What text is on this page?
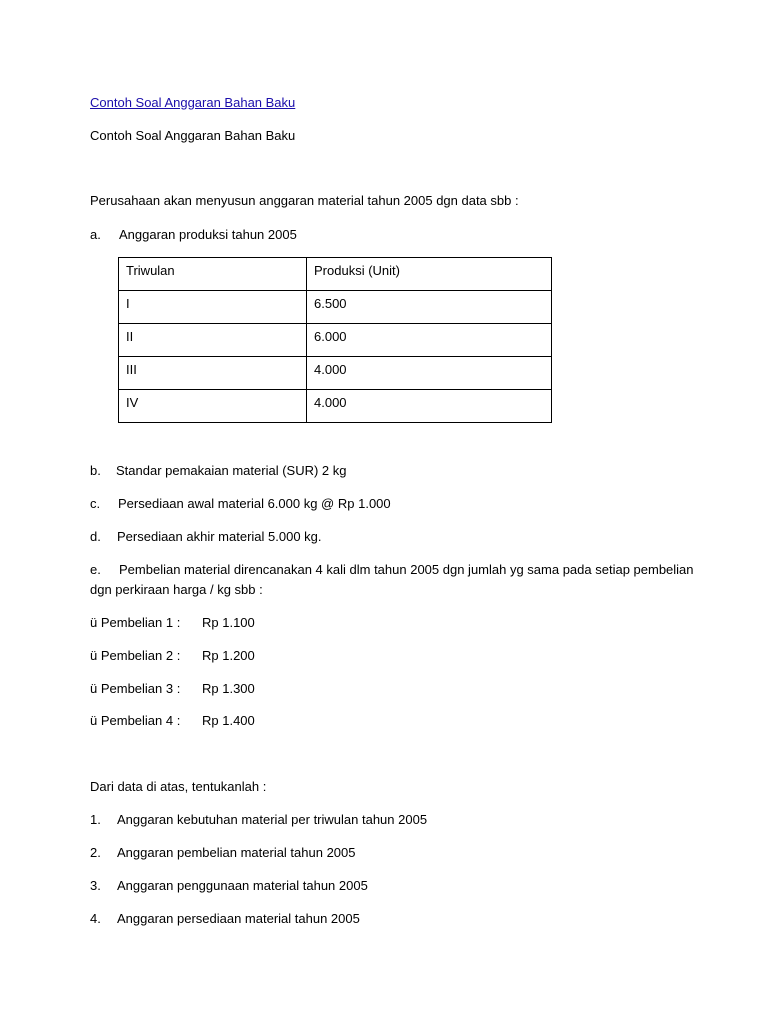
Contoh Soal Anggaran Bahan Baku
Contoh Soal Anggaran Bahan Baku
Perusahaan akan menyusun anggaran material tahun 2005 dgn data sbb :
a. Anggaran produksi tahun 2005
Triwulan	Produksi (Unit)
I	6.500
II	6.000
III	4.000
IV	4.000
b. Standar pemakaian material (SUR) 2 kg
c. Persediaan awal material 6.000 kg @ Rp 1.000
d. Persediaan akhir material 5.000 kg.
e. Pembelian material direncanakan 4 kali dlm tahun 2005 dgn jumlah yg sama pada setiap pembelian
dgn perkiraan harga / kg sbb :
ü Pembelian 1 : Rp 1.100
ü Pembelian 2 : Rp 1.200
ü Pembelian 3 : Rp 1.300
ü Pembelian 4 : Rp 1.400
Dari data di atas, tentukanlah :
1. Anggaran kebutuhan material per triwulan tahun 2005
2. Anggaran pembelian material tahun 2005
3. Anggaran penggunaan material tahun 2005
4. Anggaran persediaan material tahun 2005
